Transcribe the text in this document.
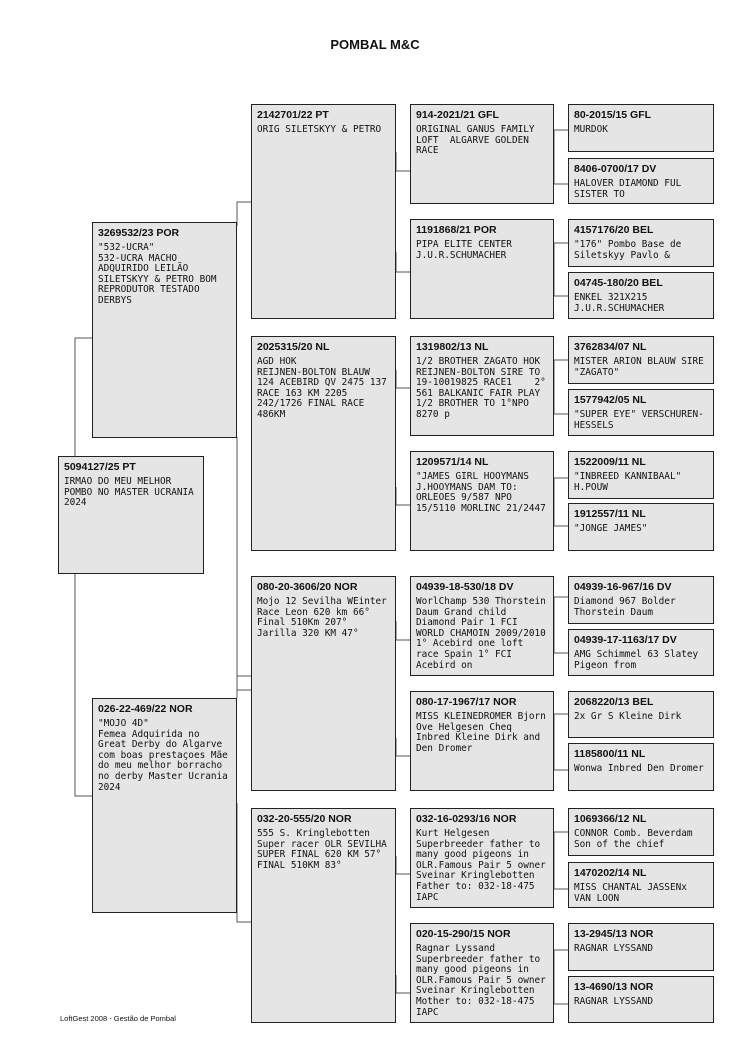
POMBAL M&C
5094127/25 PT
IRMAO DO MEU MELHOR POMBO NO MASTER UCRANIA 2024
3269532/23 POR
"532-UCRA"
532-UCRA MACHO ADQUIRIDO LEILÃO SILETSKYY & PETRO BOM REPRODUTOR TESTADO DERBYS
026-22-469/22 NOR
"MOJO 4D"
Femea Adquirida no Great Derby do Algarve com boas prestaçoes Mãe do meu melhor borracho no derby Master Ucrania 2024
2142701/22 PT
ORIG SILETSKYY & PETRO
2025315/20 NL
AGD HOK
REIJNEN-BOLTON BLAUW 124 ACEBIRD QV 2475 137 RACE 163 KM 2205 242/1726 FINAL RACE 486KM
080-20-3606/20 NOR
Mojo 12 Sevilha WEinter Race Leon 620 km 66° Final 510Km 207° Jarilla 320 KM 47°
032-20-555/20 NOR
555 S. Kringlebotten Super racer OLR SEVILHA SUPER FINAL 620 KM 57° FINAL 510KM 83°
914-2021/21 GFL
ORIGINAL GANUS FAMILY LOFT  ALGARVE GOLDEN RACE
1191868/21 POR
PIPA ELITE CENTER J.U.R.SCHUMACHER
1319802/13 NL
1/2 BROTHER ZAGATO HOK REIJNEN-BOLTON SIRE TO 19-10019825 RACE1    2° 561 BALKANIC FAIR PLAY 1/2 BROTHER TO 1°NPO 8270 p
1209571/14 NL
"JAMES GIRL HOOYMANS J.HOOYMANS DAM TO: ORLEOES 9/587 NPO 15/5110 MORLINC 21/2447
04939-18-530/18 DV
WorlChamp 530 Thorstein Daum Grand child Diamond Pair 1 FCI WORLD CHAMOIN 2009/2010 1° Acebird one loft race Spain 1° FCI  Acebird on
080-17-1967/17 NOR
MISS KLEINEDROMER Bjorn Ove Helgesen Cheq Inbred Kleine Dirk and Den Dromer
032-16-0293/16 NOR
Kurt Helgesen Superbreeder father to many good pigeons in OLR.Famous Pair 5 owner Sveinar Kringlebotten Father to: 032-18-475 IAPC
020-15-290/15 NOR
Ragnar Lyssand Superbreeder father to many good pigeons in OLR.Famous Pair 5 owner Sveinar Kringlebotten Mother to: 032-18-475 IAPC
80-2015/15 GFL
MURDOK
8406-0700/17 DV
HALOVER DIAMOND FUL SISTER TO
4157176/20 BEL
"176" Pombo Base de Siletskyy Pavlo &
04745-180/20 BEL
ENKEL 321X215 J.U.R.SCHUMACHER
3762834/07 NL
MISTER ARION BLAUW SIRE "ZAGATO"
1577942/05 NL
"SUPER EYE" VERSCHUREN-HESSELS
1522009/11 NL
"INBREED KANNIBAAL" H.POUW
1912557/11 NL
"JONGE JAMES"
04939-16-967/16 DV
Diamond 967 Bolder Thorstein Daum
04939-17-1163/17 DV
AMG Schimmel 63 Slatey Pigeon from
2068220/13 BEL
2x Gr S Kleine Dirk
1185800/11 NL
Wonwa Inbred Den Dromer
1069366/12 NL
CONNOR Comb. Beverdam Son of the chief
1470202/14 NL
MISS CHANTAL JASSENx VAN LOON
13-2945/13 NOR
RAGNAR LYSSAND
13-4690/13 NOR
RAGNAR LYSSAND
LoftGest 2008 - Gestão de Pombal
